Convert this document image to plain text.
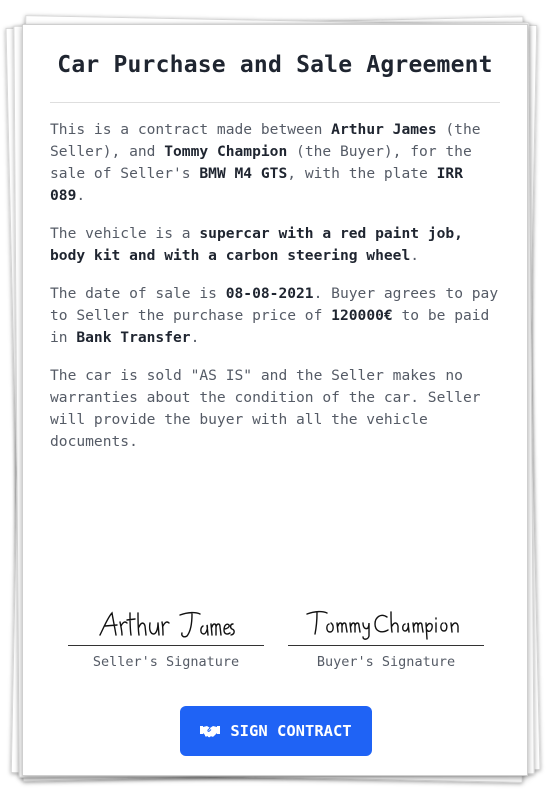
Car Purchase and Sale Agreement

This is a contract made between Arthur James (the Seller), and Tommy Champion (the Buyer), for the sale of Seller's BMW M4 GTS, with the plate IRR 089.

The vehicle is a supercar with a red paint job, body kit and with a carbon steering wheel.

The date of sale is 08-08-2021. Buyer agrees to pay to Seller the purchase price of 120000€ to be paid in Bank Transfer.

The car is sold "AS IS" and the Seller makes no warranties about the condition of the car. Seller will provide the buyer with all the vehicle documents.

Seller's Signature	Buyer's Signature
SIGN CONTRACT
